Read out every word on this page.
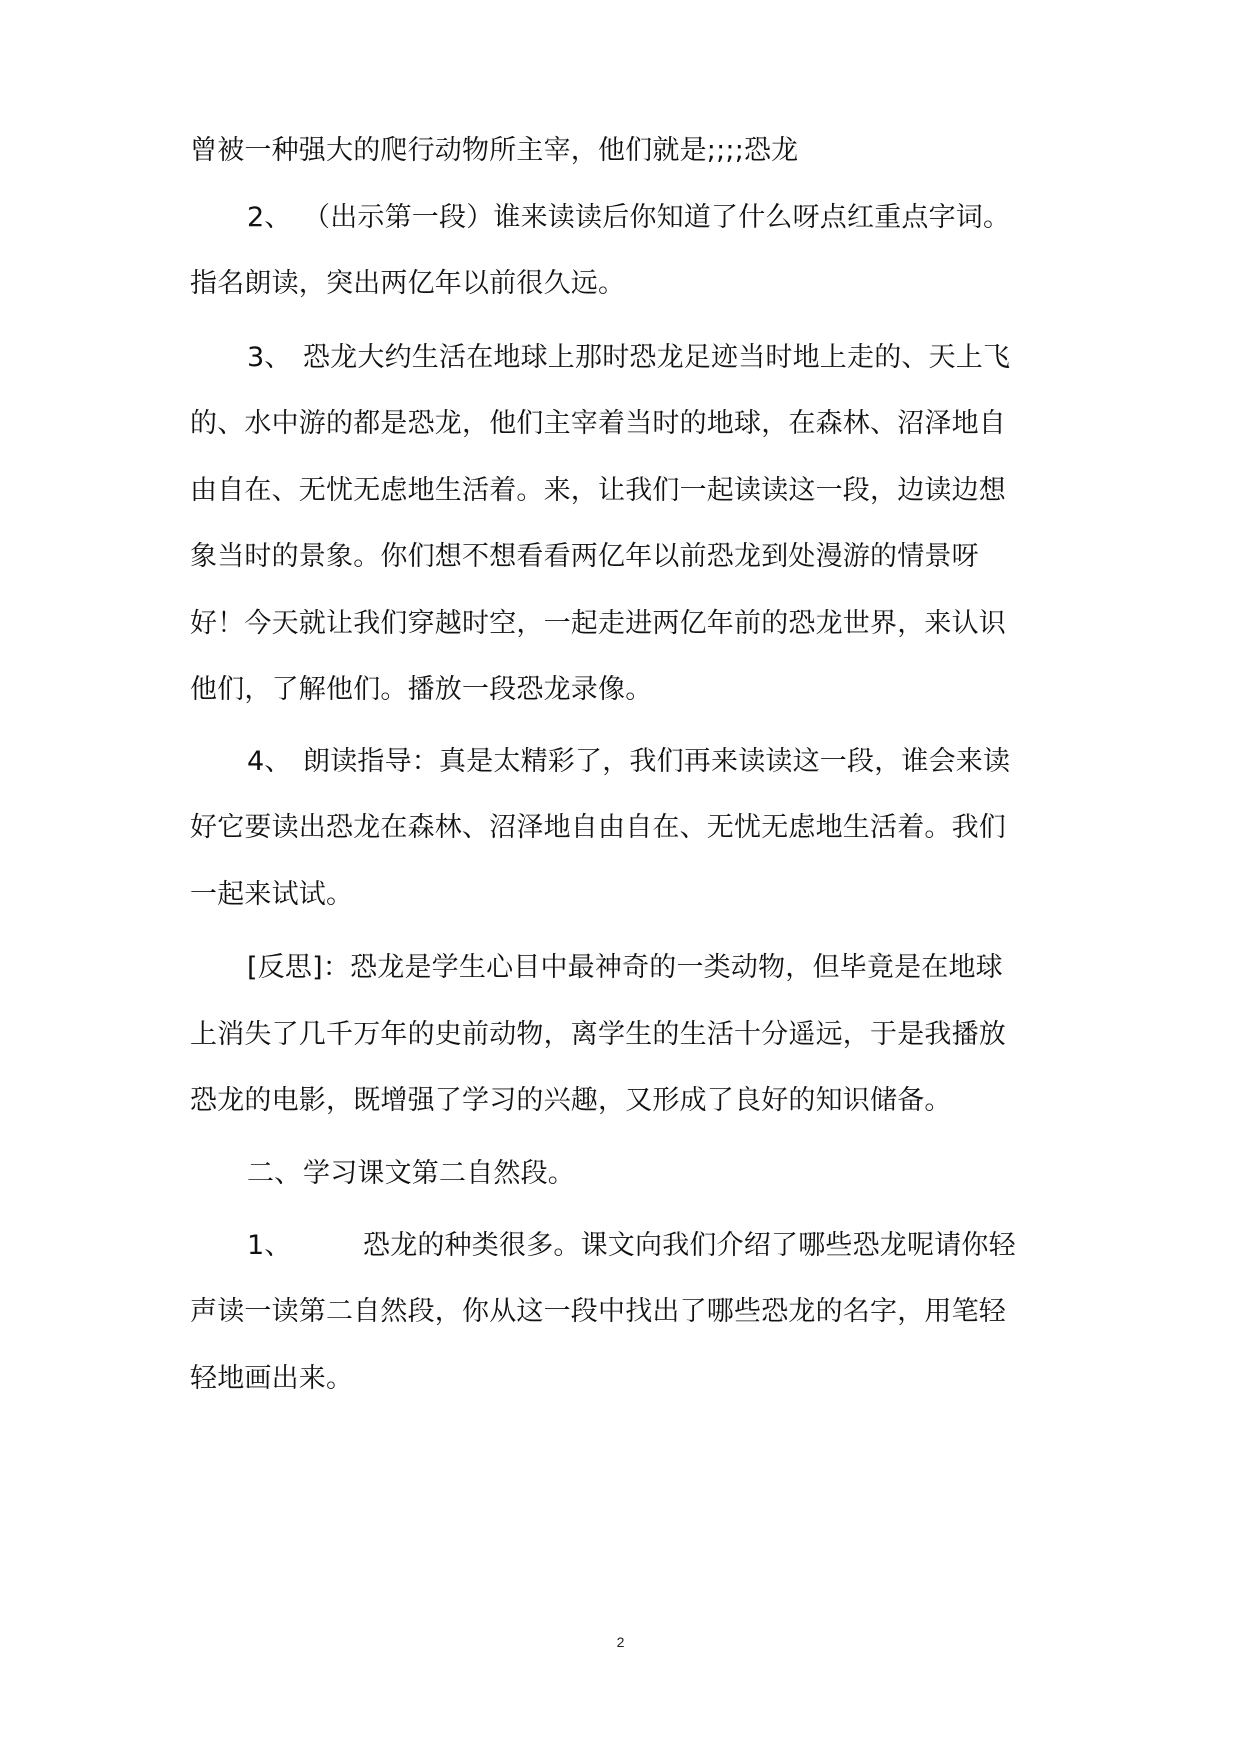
曾被一种强大的爬行动物所主宰，他们就是;;;;恐龙
2、 （出示第一段）谁来读读后你知道了什么呀点红重点字词。
指名朗读，突出两亿年以前很久远。
3、 恐龙大约生活在地球上那时恐龙足迹当时地上走的、天上飞
的、水中游的都是恐龙，他们主宰着当时的地球，在森林、沼泽地自
由自在、无忧无虑地生活着。来，让我们一起读读这一段，边读边想
象当时的景象。你们想不想看看两亿年以前恐龙到处漫游的情景呀
好！今天就让我们穿越时空，一起走进两亿年前的恐龙世界，来认识
他们，了解他们。播放一段恐龙录像。
4、 朗读指导：真是太精彩了，我们再来读读这一段，谁会来读
好它要读出恐龙在森林、沼泽地自由自在、无忧无虑地生活着。我们
一起来试试。
[反思]：恐龙是学生心目中最神奇的一类动物，但毕竟是在地球
上消失了几千万年的史前动物，离学生的生活十分遥远，于是我播放
恐龙的电影，既增强了学习的兴趣，又形成了良好的知识储备。
二、学习课文第二自然段。
1、	恐龙的种类很多。课文向我们介绍了哪些恐龙呢请你轻
声读一读第二自然段，你从这一段中找出了哪些恐龙的名字，用笔轻
轻地画出来。
2
